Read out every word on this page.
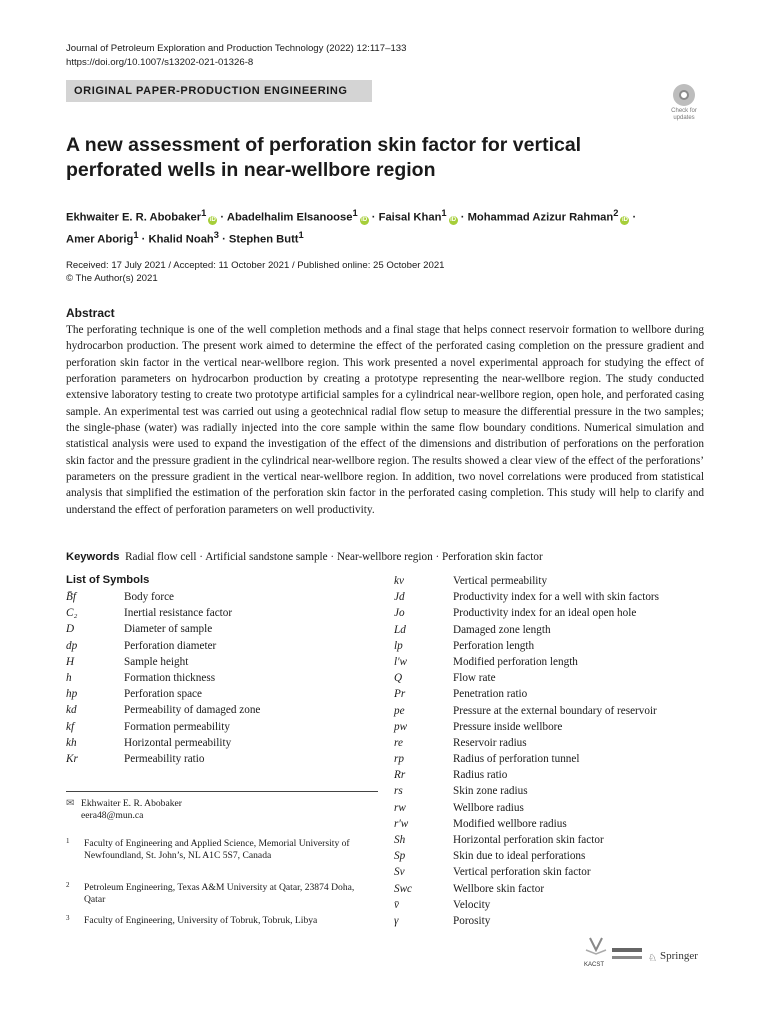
Journal of Petroleum Exploration and Production Technology (2022) 12:117–133
https://doi.org/10.1007/s13202-021-01326-8
ORIGINAL PAPER-PRODUCTION ENGINEERING
Check for
updates
A new assessment of perforation skin factor for vertical perforated wells in near-wellbore region
Ekhwaiter E. R. Abobaker$^1$iD · Abadelhalim Elsanoose$^1$iD · Faisal Khan$^1$iD · Mohammad Azizur Rahman$^2$iD ·
Amer Aborig$^1$ · Khalid Noah$^3$ · Stephen Butt$^1$
Received: 17 July 2021 / Accepted: 11 October 2021 / Published online: 25 October 2021
© The Author(s) 2021
Abstract

The perforating technique is one of the well completion methods and a final stage that helps connect reservoir formation to wellbore during hydrocarbon production. The present work aimed to determine the effect of the perforated casing completion on the pressure gradient and perforation skin factor in the vertical near-wellbore region. This work presented a novel experimental approach for studying the effect of perforation parameters on hydrocarbon production by creating a prototype representing the near-wellbore region. The study conducted extensive laboratory testing to create two prototype artificial samples for a cylindrical near-wellbore region, open hole, and perforated casing sample. An experimental test was carried out using a geotechnical radial flow setup to measure the differential pressure in the two samples; the single-phase (water) was radially injected into the core sample within the same flow boundary conditions. Numerical simulation and statistical analysis were used to expand the investigation of the effect of the dimensions and distribution of perforations on the perforation skin factor and the pressure gradient in the cylindrical near-wellbore region. The results showed a clear view of the effect of the perforations’ parameters on the pressure gradient in the vertical near-wellbore region. In addition, two novel correlations were produced from statistical analysis that simplified the estimation of the perforation skin factor in the perforated casing completion. This study will help to clarify and understand the effect of perforation parameters on well productivity.

Keywords Radial flow cell · Artificial sandstone sample · Near-wellbore region · Perforation skin factor
List of Symbols
B̄f	Body force
C₂	Inertial resistance factor
D	Diameter of sample
dp	Perforation diameter
H	Sample height
h	Formation thickness
hp	Perforation space
kd	Permeability of damaged zone
kf	Formation permeability
kh	Horizontal permeability
Kr	Permeability ratio
kv	Vertical permeability
Jd	Productivity index for a well with skin factors
Jo	Productivity index for an ideal open hole
Ld	Damaged zone length
lp	Perforation length
l′w	Modified perforation length
Q	Flow rate
Pr	Penetration ratio
pe	Pressure at the external boundary of reservoir
pw	Pressure inside wellbore
re	Reservoir radius
rp	Radius of perforation tunnel
Rr	Radius ratio
rs	Skin zone radius
rw	Wellbore radius
r′w	Modified wellbore radius
Sh	Horizontal perforation skin factor
Sp	Skin due to ideal perforations
Sv	Vertical perforation skin factor
Swc	Wellbore skin factor
v̄	Velocity
γ	Porosity
✉ Ekhwaiter E. R. Abobaker
eera48@mun.ca
1 Faculty of Engineering and Applied Science, Memorial University of Newfoundland, St. John’s, NL A1C 5S7, Canada
2 Petroleum Engineering, Texas A&M University at Qatar, 23874 Doha, Qatar
3 Faculty of Engineering, University of Tobruk, Tobruk, Libya
KACST
♘ Springer
